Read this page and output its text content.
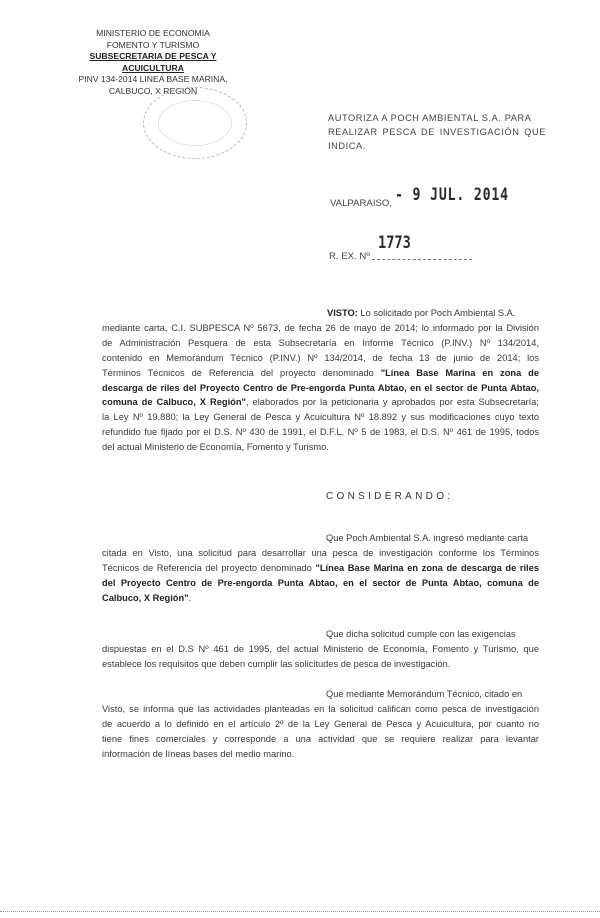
MINISTERIO DE ECONOMIA
FOMENTO Y TURISMO
SUBSECRETARIA DE PESCA Y ACUICULTURA
PINV 134-2014 LINEA BASE MARINA,
CALBUCO, X REGIÓN
AUTORIZA A POCH AMBIENTAL S.A. PARA
REALIZAR PESCA DE INVESTIGACIÓN QUE INDICA.
VALPARAISO, - 9 JUL. 2014
R. EX. Nº
1773
VISTO: Lo solicitado por Poch Ambiental S.A.
mediante carta, C.I. SUBPESCA Nº 5673, de fecha 26 de mayo de 2014; lo informado por la División
de Administración Pesquera de esta Subsecretaría en Informe Técnico (P.INV.) Nº 134/2014,
contenido en Memorándum Técnico (P.INV.) Nº 134/2014, de fecha 13 de junio de 2014; los
Términos Técnicos de Referencia del proyecto denominado "Línea Base Marina en zona de
descarga de riles del Proyecto Centro de Pre-engorda Punta Abtao, en el sector de Punta Abtao,
comuna de Calbuco, X Región", elaborados por la peticionaria y aprobados por esta Subsecretaría;
la Ley Nº 19.880; la Ley General de Pesca y Acuicultura Nº 18.892 y sus modificaciones cuyo texto
refundido fue fijado por el D.S. Nº 430 de 1991, el D.F.L. Nº 5 de 1983, el D.S. Nº 461 de 1995, todos
del actual Ministerio de Economía, Fomento y Turismo.
CONSIDERANDO:
Que Poch Ambiental S.A. ingresó mediante carta
citada en Visto, una solicitud para desarrollar una pesca de investigación conforme los Términos
Técnicos de Referencia del proyecto denominado "Línea Base Marina en zona de descarga de riles
del Proyecto Centro de Pre-engorda Punta Abtao, en el sector de Punta Abtao, comuna de
Calbuco, X Región".
Que dicha solicitud cumple con las exigencias
dispuestas en el D.S Nº 461 de 1995, del actual Ministerio de Economía, Fomento y Turismo, que
establece los requisitos que deben cumplir las solicitudes de pesca de investigación.
Que mediante Memorándum Técnico, citado en
Visto, se informa que las actividades planteadas en la solicitud califican como pesca de investigación
de acuerdo a lo definido en el artículo 2º de la Ley General de Pesca y Acuicultura, por cuanto no
tiene fines comerciales y corresponde a una actividad que se requiere realizar para levantar
información de líneas bases del medio marino.
